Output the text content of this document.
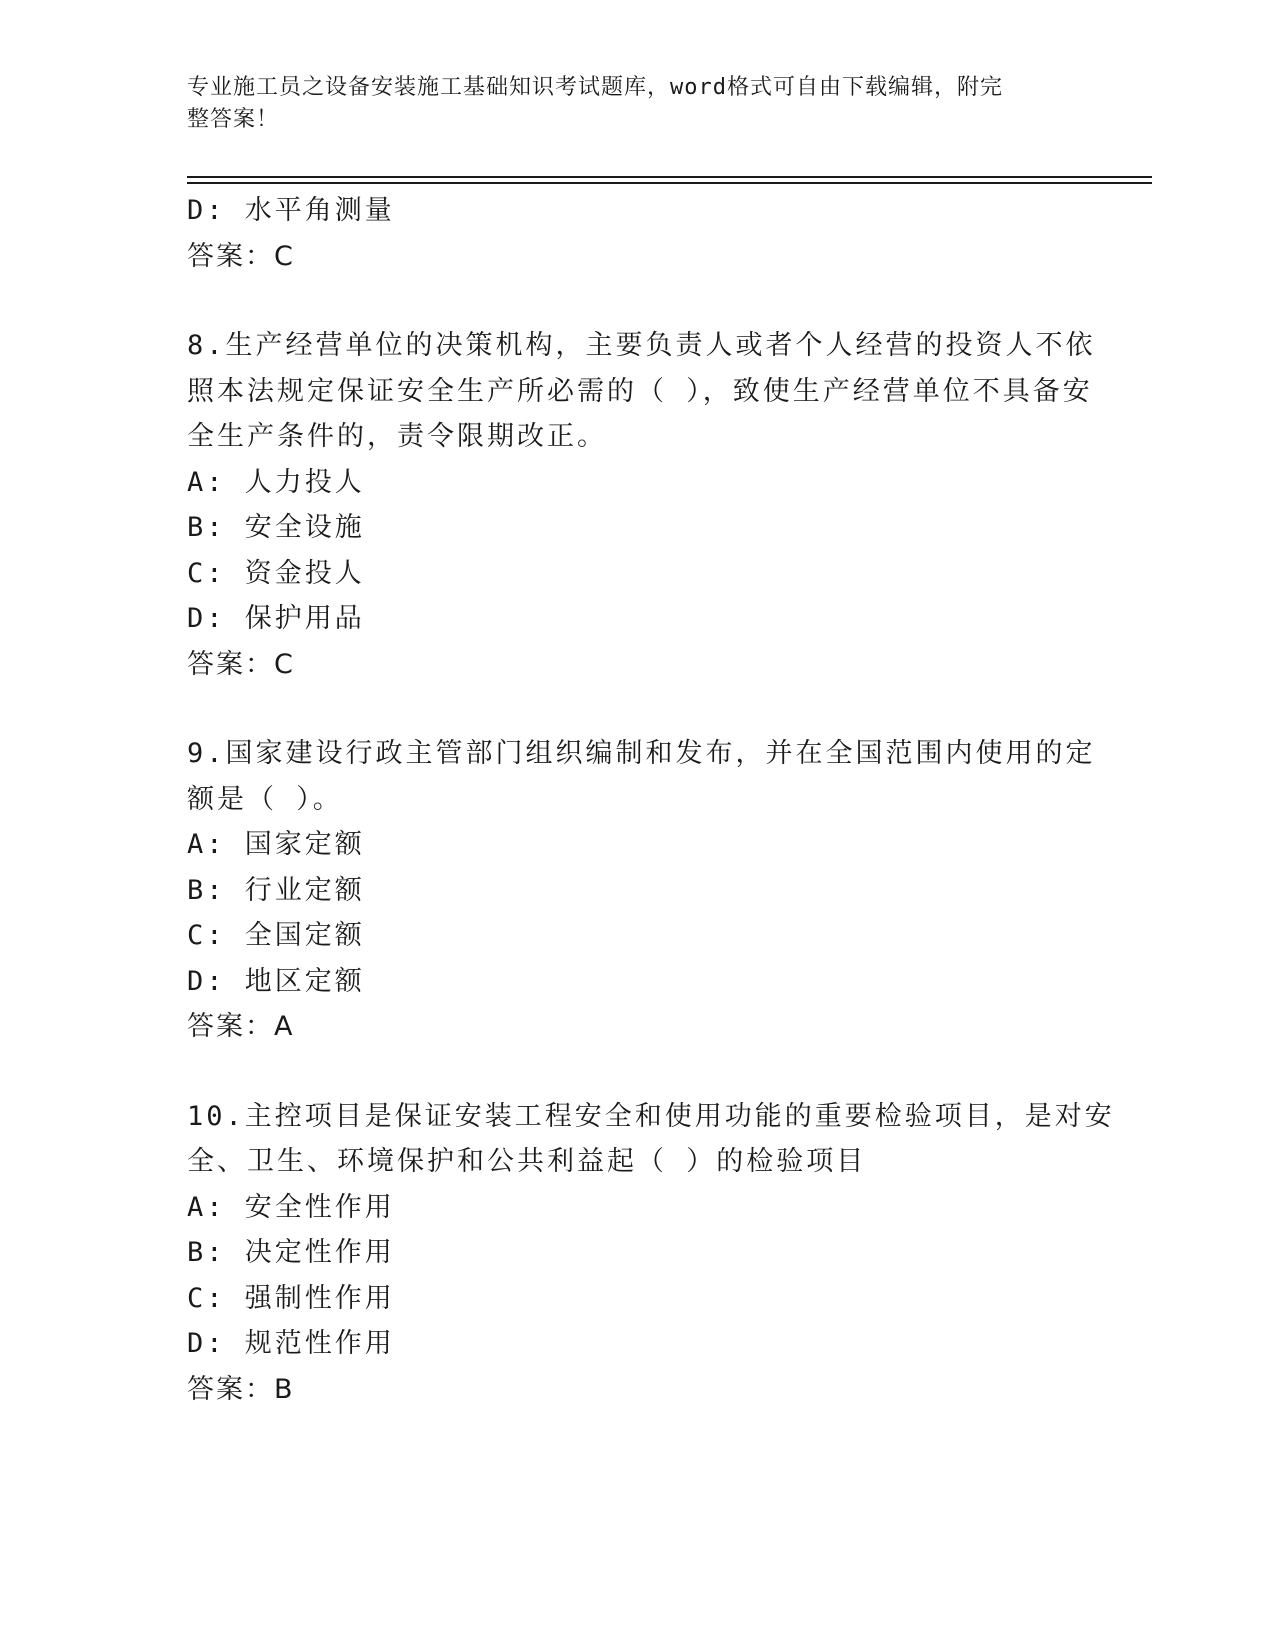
专业施工员之设备安装施工基础知识考试题库，word格式可自由下载编辑，附完
整答案！
D: 水平角测量
答案：C
8.生产经营单位的决策机构，主要负责人或者个人经营的投资人不依
照本法规定保证安全生产所必需的（ ），致使生产经营单位不具备安
全生产条件的，责令限期改正。
A: 人力投人
B: 安全设施
C: 资金投人
D: 保护用品
答案：C
9.国家建设行政主管部门组织编制和发布，并在全国范围内使用的定
额是（ ）。
A: 国家定额
B: 行业定额
C: 全国定额
D: 地区定额
答案：A
10.主控项目是保证安装工程安全和使用功能的重要检验项目，是对安
全、卫生、环境保护和公共利益起（ ）的检验项目
A: 安全性作用
B: 决定性作用
C: 强制性作用
D: 规范性作用
答案：B
